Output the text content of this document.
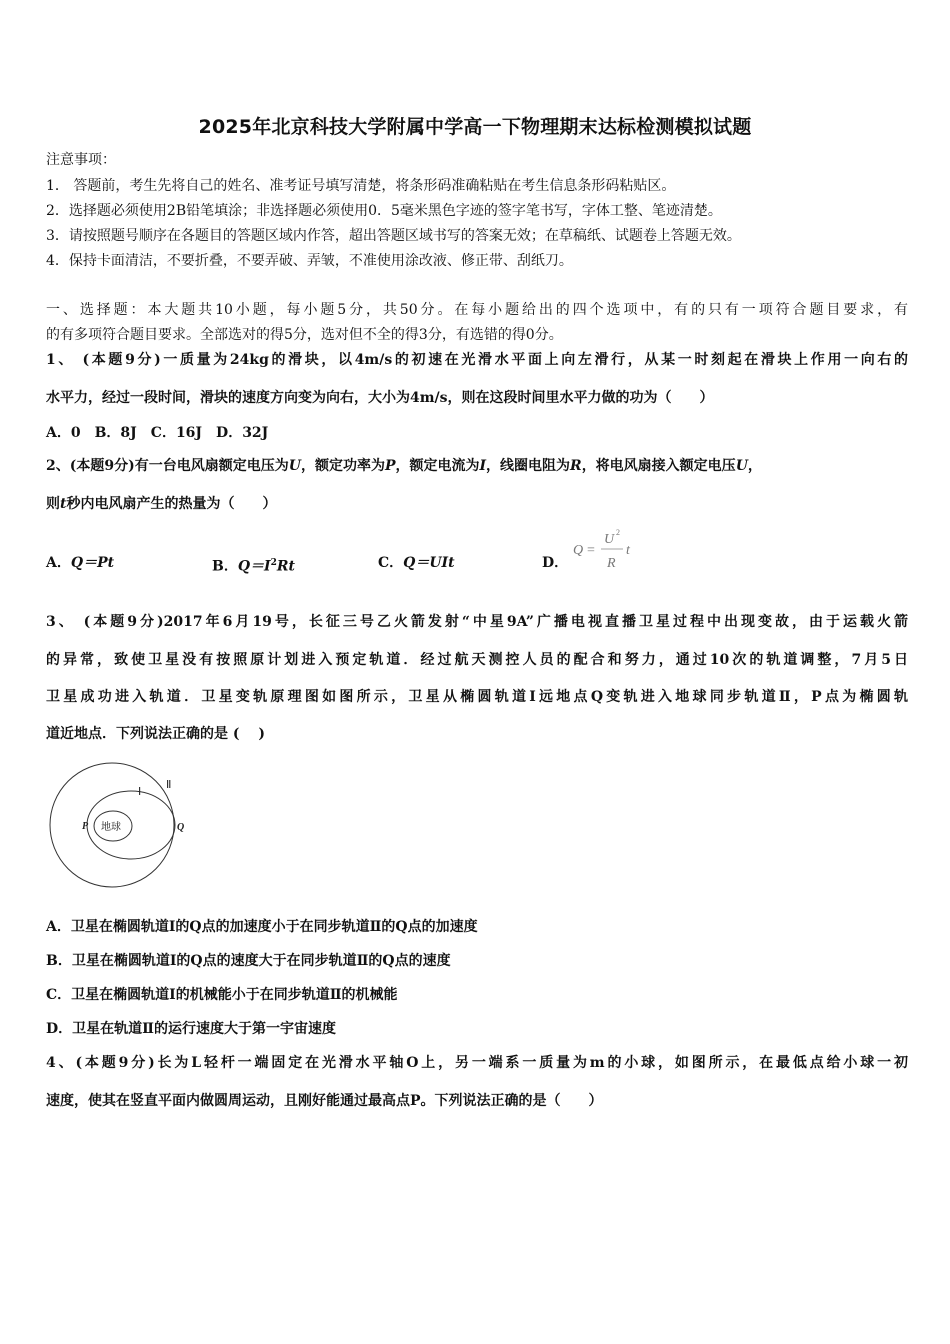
2025年北京科技大学附属中学高一下物理期末达标检测模拟试题
注意事项：
1． 答题前，考生先将自己的姓名、准考证号填写清楚，将条形码准确粘贴在考生信息条形码粘贴区。
2．选择题必须使用2B铅笔填涂；非选择题必须使用0．5毫米黑色字迹的签字笔书写，字体工整、笔迹清楚。
3．请按照题号顺序在各题目的答题区域内作答，超出答题区域书写的答案无效；在草稿纸、试题卷上答题无效。
4．保持卡面清洁，不要折叠，不要弄破、弄皱，不准使用涂改液、修正带、刮纸刀。
一、选择题：本大题共10小题，每小题5分，共50分。在每小题给出的四个选项中，有的只有一项符合题目要求，有
的有多项符合题目要求。全部选对的得5分，选对但不全的得3分，有选错的得0分。
1、 (本题9分)一质量为24kg的滑块，以4m/s的初速在光滑水平面上向左滑行，从某一时刻起在滑块上作用一向右的
水平力，经过一段时间，滑块的速度方向变为向右，大小为4m/s，则在这段时间里水平力做的功为（　　）
A．0　B．8J　C．16J　D．32J
2、(本题9分)有一台电风扇额定电压为U，额定功率为P，额定电流为I，线圈电阻为R，将电风扇接入额定电压U，
则t秒内电风扇产生的热量为（　　）
A．Q＝Pt	B．$Q=I^2Rt$	C．Q＝UIt	D．
Q =
U 2
R
t
3、 (本题9分)2017年6月19号，长征三号乙火箭发射“中星9A”广播电视直播卫星过程中出现变故，由于运载火箭
的异常，致使卫星没有按照原计划进入预定轨道．经过航天测控人员的配合和努力，通过10次的轨道调整，7月5日
卫星成功进入轨道．卫星变轨原理图如图所示，卫星从椭圆轨道Ⅰ远地点Q变轨进入地球同步轨道Ⅱ，P点为椭圆轨
道近地点．下列说法正确的是 (　 )
地球
P	Q
Ⅰ
Ⅱ
A．卫星在椭圆轨道Ⅰ的Q点的加速度小于在同步轨道Ⅱ的Q点的加速度
B．卫星在椭圆轨道Ⅰ的Q点的速度大于在同步轨道Ⅱ的Q点的速度
C．卫星在椭圆轨道Ⅰ的机械能小于在同步轨道Ⅱ的机械能
D．卫星在轨道Ⅱ的运行速度大于第一宇宙速度
4、(本题9分)长为L轻杆一端固定在光滑水平轴O上，另一端系一质量为m的小球，如图所示，在最低点给小球一初
速度，使其在竖直平面内做圆周运动，且刚好能通过最高点P。下列说法正确的是（　　）
